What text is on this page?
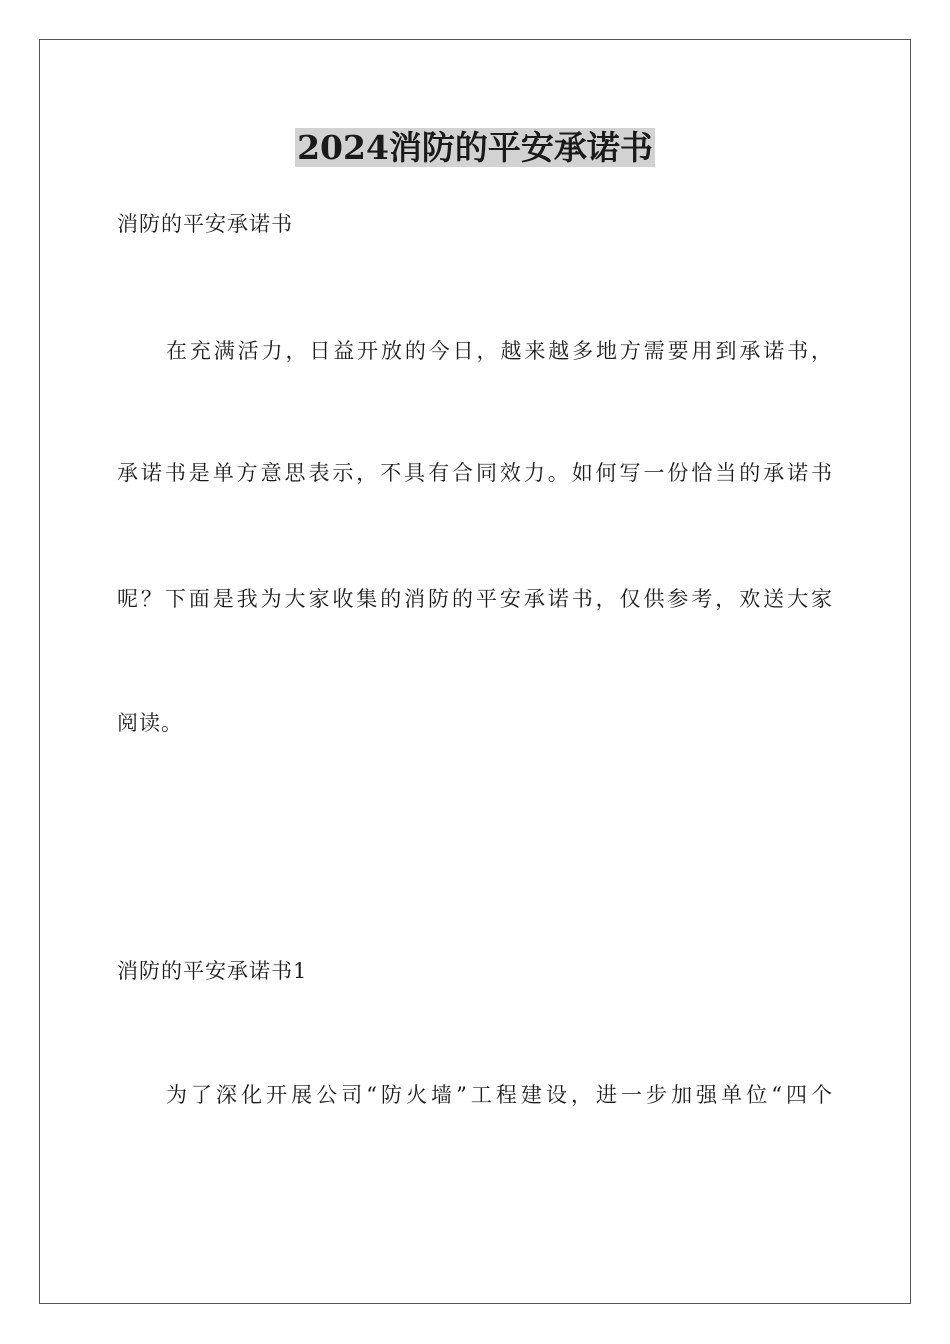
2024消防的平安承诺书

消防的平安承诺书

在充满活力，日益开放的今日，越来越多地方需要用到承诺书，

承诺书是单方意思表示，不具有合同效力。如何写一份恰当的承诺书

呢？下面是我为大家收集的消防的平安承诺书，仅供参考，欢送大家

阅读。

消防的平安承诺书1

为了深化开展公司“防火墙”工程建设，进一步加强单位“四个
